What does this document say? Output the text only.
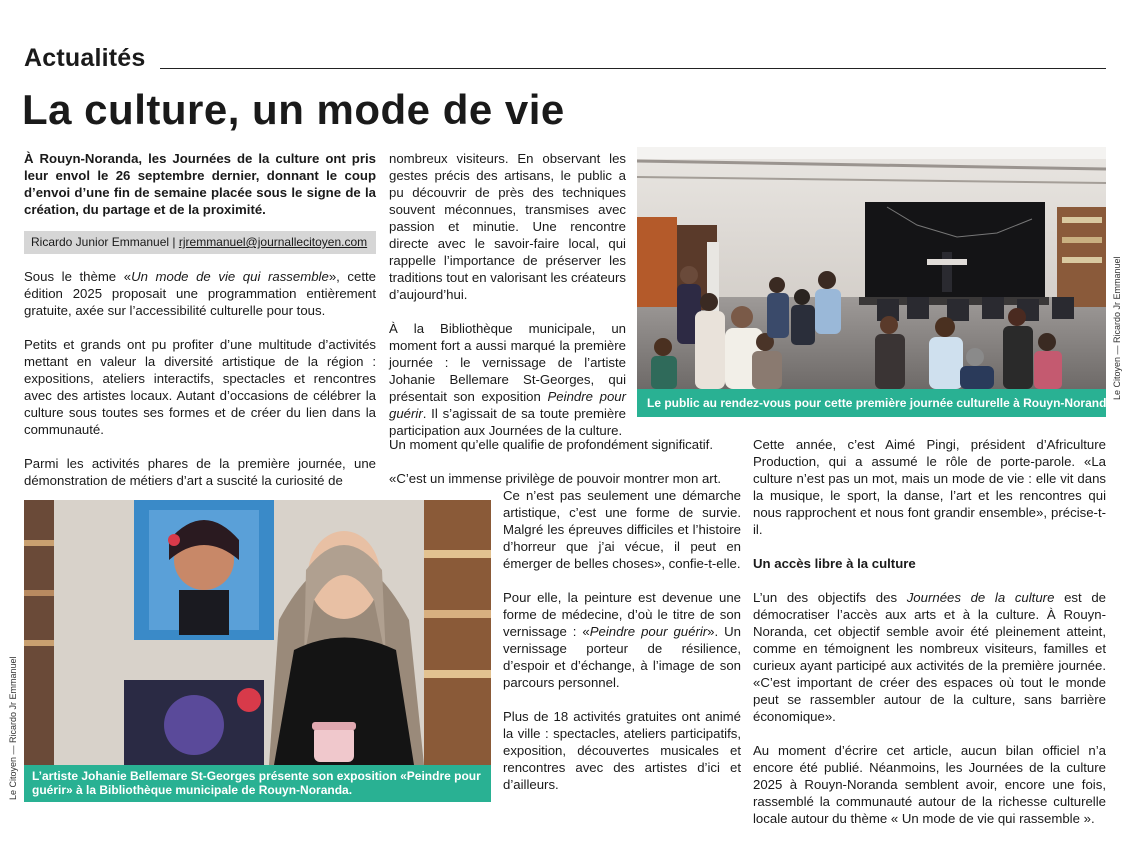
Actualités
La culture, un mode de vie
À Rouyn-Noranda, les Journées de la culture ont pris leur envol le 26 septembre dernier, donnant le coup d’envoi d’une fin de semaine placée sous le signe de la création, du partage et de la proximité.
Ricardo Junior Emmanuel | rjremmanuel@journallecitoyen.com

Sous le thème «Un mode de vie qui rassemble», cette édition 2025 proposait une programmation entièrement gratuite, axée sur l’accessibilité culturelle pour tous.

Petits et grands ont pu profiter d’une multitude d’activités mettant en valeur la diversité artistique de la région : expositions, ateliers interactifs, spectacles et rencontres avec des artistes locaux. Autant d’occasions de célébrer la culture sous toutes ses formes et de créer du lien dans la communauté.

Parmi les activités phares de la première journée, une démonstration de métiers d’art a suscité la curiosité de

nombreux visiteurs. En observant les gestes précis des artisans, le public a pu découvrir de près des techniques souvent méconnues, transmises avec passion et minutie. Une rencontre directe avec le savoir-faire local, qui rappelle l’importance de préserver les traditions tout en valorisant les créateurs d’aujourd’hui.

À la Bibliothèque municipale, un moment fort a aussi marqué la première journée : le vernissage de l’artiste Johanie Bellemare St-Georges, qui présentait son exposition Peindre pour guérir. Il s’agissait de sa toute première participation aux Journées de la culture.

Un moment qu’elle qualifie de profondément significatif.
«C’est un immense privilège de pouvoir montrer mon art.

Ce n’est pas seulement une démarche artistique, c’est une forme de survie. Malgré les épreuves difficiles et l’histoire d’horreur que j’ai vécue, il peut en émerger de belles choses», confie-t-elle.

Pour elle, la peinture est devenue une forme de médecine, d’où le titre de son vernissage : «Peindre pour guérir». Un vernissage porteur de résilience, d’espoir et d’échange, à l’image de son parcours personnel.

Plus de 18 activités gratuites ont animé la ville : spectacles, ateliers participatifs, exposition, découvertes musicales et rencontres avec des artistes d’ici et d’ailleurs.

Cette année, c’est Aimé Pingi, président d’Africulture Production, qui a assumé le rôle de porte-parole. «La culture n’est pas un mot, mais un mode de vie : elle vit dans la musique, le sport, la danse, l’art et les rencontres qui nous rapprochent et nous font grandir ensemble», précise-t-il.

Un accès libre à la culture

L’un des objectifs des Journées de la culture est de démocratiser l’accès aux arts et à la culture. À Rouyn-Noranda, cet objectif semble avoir été pleinement atteint, comme en témoignent les nombreux visiteurs, familles et curieux ayant participé aux activités de la première journée. «C’est important de créer des espaces où tout le monde peut se rassembler autour de la culture, sans barrière économique».

Au moment d’écrire cet article, aucun bilan officiel n’a encore été publié. Néanmoins, les Journées de la culture 2025 à Rouyn-Noranda semblent avoir, encore une fois, rassemblé la communauté autour de la richesse culturelle locale autour du thème « Un mode de vie qui rassemble ».

Le public au rendez-vous pour cette première journée culturelle à Rouyn-Noranda.
Le Citoyen — Ricardo Jr Emmanuel
L’artiste Johanie Bellemare St-Georges présente son exposition «Peindre pour guérir» à la Bibliothèque municipale de Rouyn-Noranda.
Le Citoyen — Ricardo Jr Emmanuel
